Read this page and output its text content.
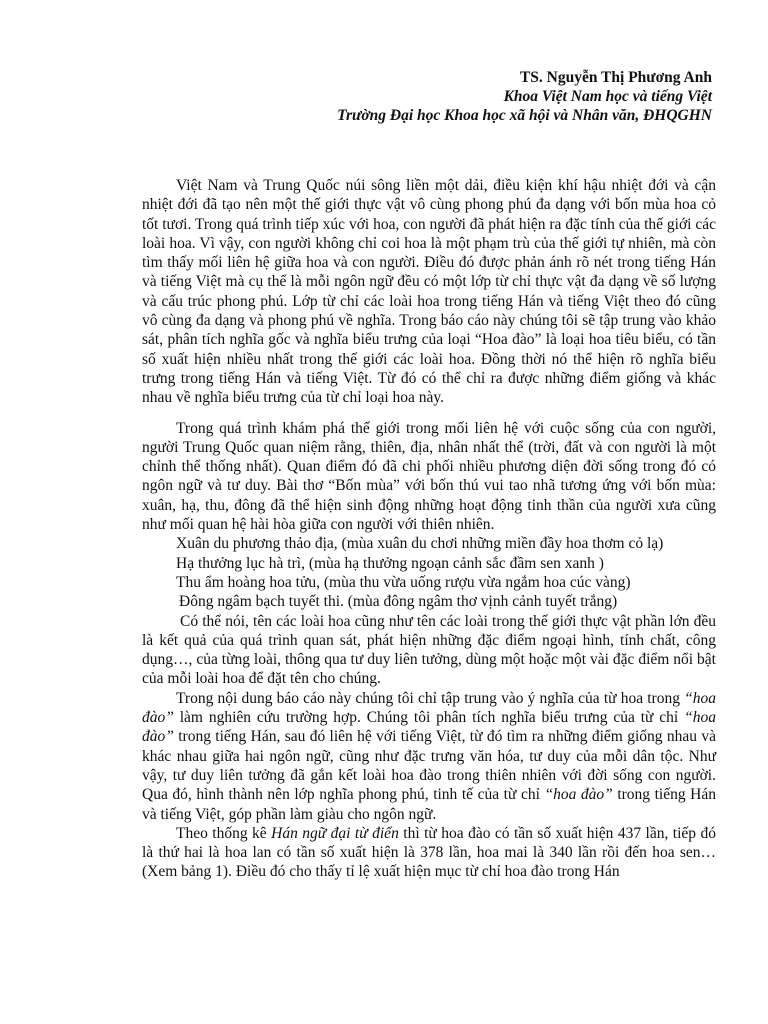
TS. Nguyễn Thị Phương Anh
Khoa Việt Nam học và tiếng Việt
Trường Đại học Khoa học xã hội và Nhân văn, ĐHQGHN

Việt Nam và Trung Quốc núi sông liền một dải, điều kiện khí hậu nhiệt đới và cận nhiệt đới đã tạo nên một thế giới thực vật vô cùng phong phú đa dạng với bốn mùa hoa cỏ tốt tươi. Trong quá trình tiếp xúc với hoa, con người đã phát hiện ra đặc tính của thế giới các loài hoa. Vì vậy, con người không chỉ coi hoa là một phạm trù của thế giới tự nhiên, mà còn tìm thấy mối liên hệ giữa hoa và con người. Điều đó được phản ánh rõ nét trong tiếng Hán và tiếng Việt mà cụ thể là mỗi ngôn ngữ đều có một lớp từ chỉ thực vật đa dạng về số lượng và cấu trúc phong phú. Lớp từ chỉ các loài hoa trong tiếng Hán và tiếng Việt theo đó cũng vô cùng đa dạng và phong phú về nghĩa. Trong báo cáo này chúng tôi sẽ tập trung vào khảo sát, phân tích nghĩa gốc và nghĩa biểu trưng của loại “Hoa đào” là loại hoa tiêu biểu, có tần số xuất hiện nhiều nhất trong thế giới các loài hoa. Đồng thời nó thể hiện rõ nghĩa biểu trưng trong tiếng Hán và tiếng Việt. Từ đó có thể chỉ ra được những điểm giống và khác nhau về nghĩa biểu trưng của từ chỉ loại hoa này.

Trong quá trình khám phá thế giới trong mối liên hệ với cuộc sống của con người, người Trung Quốc quan niệm rằng, thiên, địa, nhân nhất thể (trời, đất và con người là một chỉnh thể thống nhất). Quan điểm đó đã chi phối nhiều phương diện đời sống trong đó có ngôn ngữ và tư duy. Bài thơ “Bốn mùa” với bốn thú vui tao nhã tương ứng với bốn mùa: xuân, hạ, thu, đông đã thể hiện sinh động những hoạt động tinh thần của người xưa cũng như mối quan hệ hài hòa giữa con người với thiên nhiên.

Xuân du phương thảo địa, (mùa xuân du chơi những miền đầy hoa thơm cỏ lạ)

Hạ thưởng lục hà trì, (mùa hạ thưởng ngoạn cảnh sắc đầm sen xanh )

Thu ẩm hoàng hoa tửu, (mùa thu vừa uống rượu vừa ngắm hoa cúc vàng)

Đông ngâm bạch tuyết thi. (mùa đông ngâm thơ vịnh cảnh tuyết trắng)

Có thể nói, tên các loài hoa cũng như tên các loài trong thế giới thực vật phần lớn đều là kết quả của quá trình quan sát, phát hiện những đặc điểm ngoại hình, tính chất, công dụng…, của từng loài, thông qua tư duy liên tưởng, dùng một hoặc một vài đặc điểm nổi bật của mỗi loài hoa để đặt tên cho chúng.

Trong nội dung báo cáo này chúng tôi chỉ tập trung vào ý nghĩa của từ hoa trong “hoa đào” làm nghiên cứu trường hợp. Chúng tôi phân tích nghĩa biểu trưng của từ chỉ “hoa đào” trong tiếng Hán, sau đó liên hệ với tiếng Việt, từ đó tìm ra những điểm giống nhau và khác nhau giữa hai ngôn ngữ, cũng như đặc trưng văn hóa, tư duy của mỗi dân tộc. Như vậy, tư duy liên tưởng đã gắn kết loài hoa đào trong thiên nhiên với đời sống con người. Qua đó, hình thành nên lớp nghĩa phong phú, tinh tế của từ chỉ “hoa đào” trong tiếng Hán và tiếng Việt, góp phần làm giàu cho ngôn ngữ.

Theo thống kê Hán ngữ đại từ điển thì từ hoa đào có tần số xuất hiện 437 lần, tiếp đó là thứ hai là hoa lan có tần số xuất hiện là 378 lần, hoa mai là 340 lần rồi đến hoa sen…(Xem bảng 1). Điều đó cho thấy tỉ lệ xuất hiện mục từ chỉ hoa đào trong Hán
